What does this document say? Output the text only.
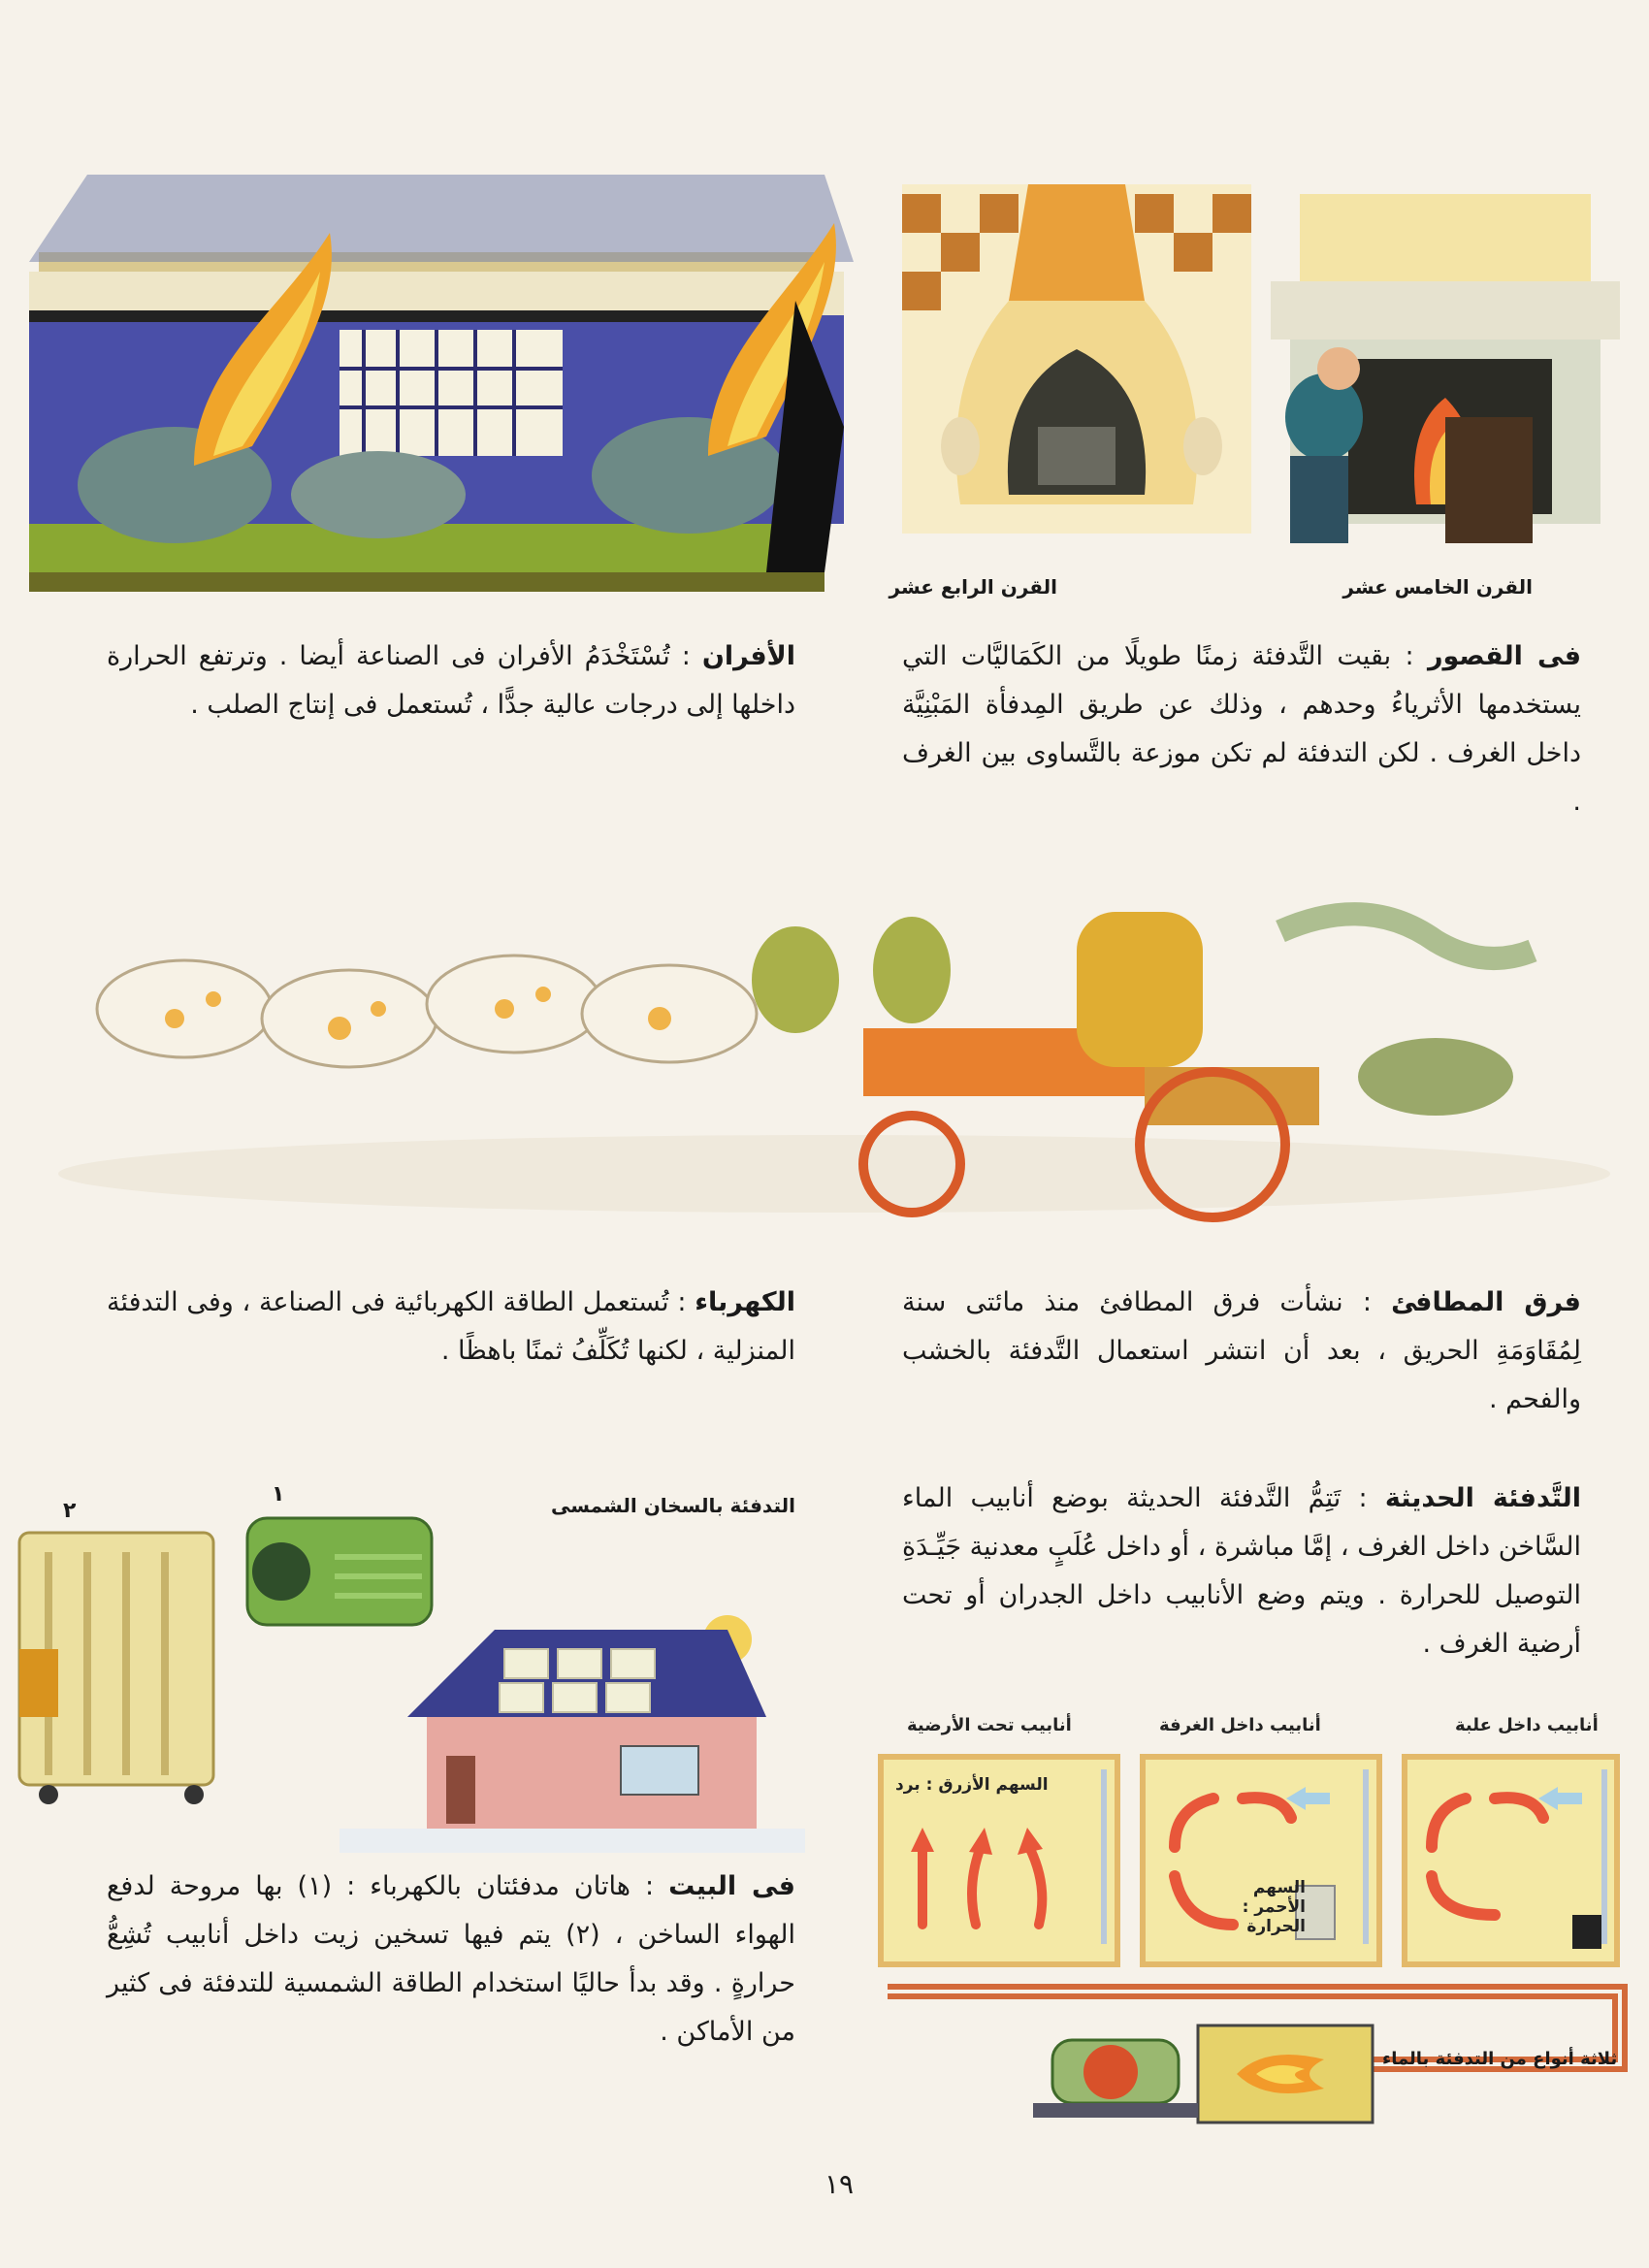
القرن الرابع عشر	القرن الخامس عشر
فى القصور : بقيت التَّدفئة زمنًا طويلًا من الكَمَاليَّات التي يستخدمها الأثرياءُ وحدهم ، وذلك عن طريق المِدفأة المَبْنِيَّة داخل الغرف . لكن التدفئة لم تكن موزعة بالتَّساوى بين الغرف .
الأفران : تُسْتَخْدَمُ الأفران فى الصناعة أيضا . وترتفع الحرارة داخلها إلى درجات عالية جدًّا ، تُستعمل فى إنتاج الصلب .
فرق المطافئ : نشأت فرق المطافئ منذ مائتى سنة لِمُقَاوَمَةِ الحريق ، بعد أن انتشر استعمال التَّدفئة بالخشب والفحم .
الكهرباء : تُستعمل الطاقة الكهربائية فى الصناعة ، وفى التدفئة المنزلية ، لكنها تُكَلِّفُ ثمنًا باهظًا .
التَّدفئة الحديثة : تَتِمُّ التَّدفئة الحديثة بوضع أنابيب الماء السَّاخن داخل الغرف ، إمَّا مباشرة ، أو داخل عُلَبٍ معدنية جَيِّـدَةِ التوصيل للحرارة . ويتم وضع الأنابيب داخل الجدران أو تحت أرضية الغرف .
٢
١	التدفئة بالسخان الشمسى
أنابيب داخل علبة
أنابيب داخل الغرفة
أنابيب تحت الأرضية
السهم الأزرق : برد
السهم الأحمر : الحرارة
ثلاثة أنواع من التدفئة بالماء
فى البيت : هاتان مدفئتان بالكهرباء : (١) بها مروحة لدفع الهواء الساخن ، (٢) يتم فيها تسخين زيت داخل أنابيب تُشِعُّ حرارةٍ . وقد بدأ حاليًا استخدام الطاقة الشمسية للتدفئة فى كثير من الأماكن .
١٩
